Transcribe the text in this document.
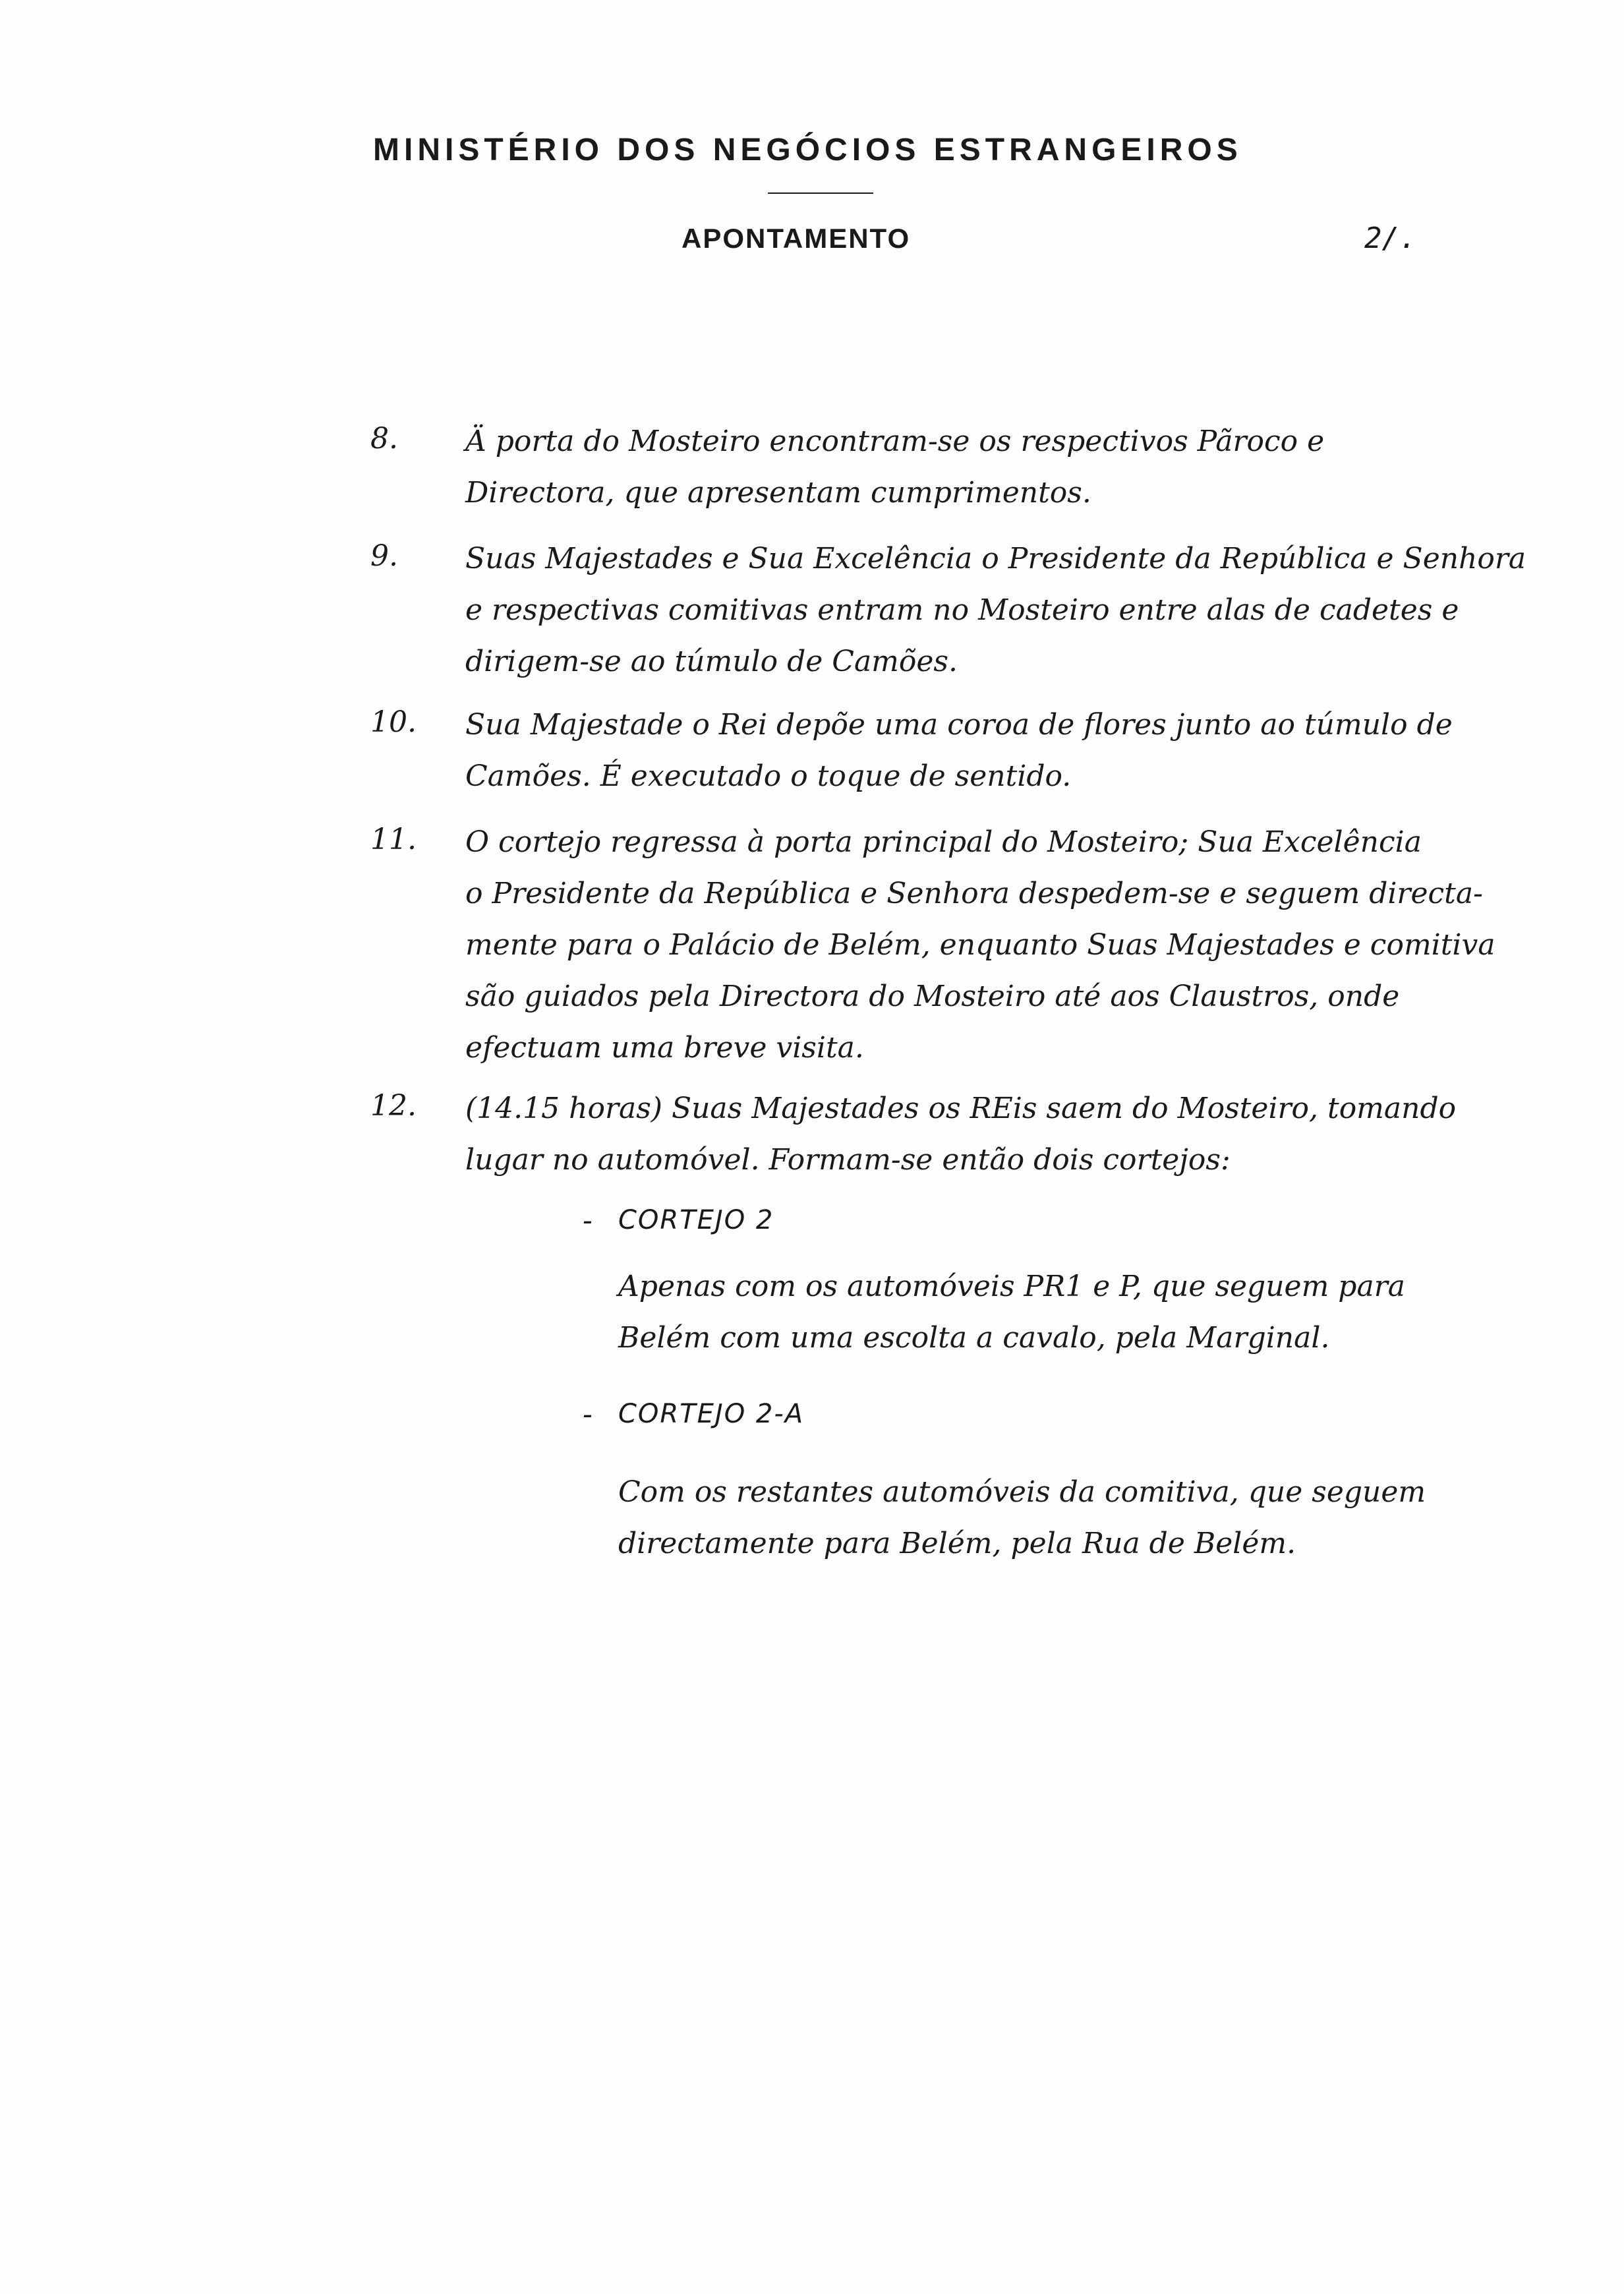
MINISTÉRIO DOS NEGÓCIOS ESTRANGEIROS
APONTAMENTO	2/.
8. Ä porta do Mosteiro encontram-se os respectivos Pãroco e
Directora, que apresentam cumprimentos.
9. Suas Majestades e Sua Excelência o Presidente da República e Senhora
e respectivas comitivas entram no Mosteiro entre alas de cadetes e
dirigem-se ao túmulo de Camões.
10. Sua Majestade o Rei depõe uma coroa de flores junto ao túmulo de
Camões. É executado o toque de sentido.
11. O cortejo regressa à porta principal do Mosteiro; Sua Excelência
o Presidente da República e Senhora despedem-se e seguem directa-
mente para o Palácio de Belém, enquanto Suas Majestades e comitiva
são guiados pela Directora do Mosteiro até aos Claustros, onde
efectuam uma breve visita.
12. (14.15 horas) Suas Majestades os REis saem do Mosteiro, tomando
lugar no automóvel. Formam-se então dois cortejos:
- CORTEJO 2
Apenas com os automóveis PR1 e P, que seguem para
Belém com uma escolta a cavalo, pela Marginal.
- CORTEJO 2-A
Com os restantes automóveis da comitiva, que seguem
directamente para Belém, pela Rua de Belém.
